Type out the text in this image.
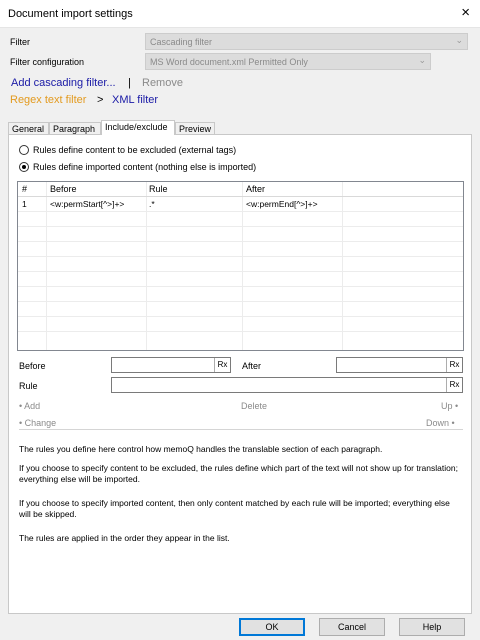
Document import settings	×
Filter	Cascading filter	⌄
Filter configuration	MS Word document.xml Permitted Only	⌄
Add cascading filter... | Remove
Regex text filter > XML filter
General Paragraph	Include/exclude	Preview
Rules define content to be excluded (external tags)
Rules define imported content (nothing else is imported)
#	Before	Rule	After
1	<w:permStart[^>]+>	.*	<w:permEnd[^>]+>
Before	Rx After	Rx
Rule	Rx
• Add	Delete	Up •
• Change	Down •
The rules you define here control how memoQ handles the translable section of each paragraph.
If you choose to specify content to be excluded, the rules define which part of the text will not show up for translation; everything else will be imported.
If you choose to specify imported content, then only content matched by each rule will be imported; everything else will be skipped.
The rules are applied in the order they appear in the list.
OK	Cancel	Help
